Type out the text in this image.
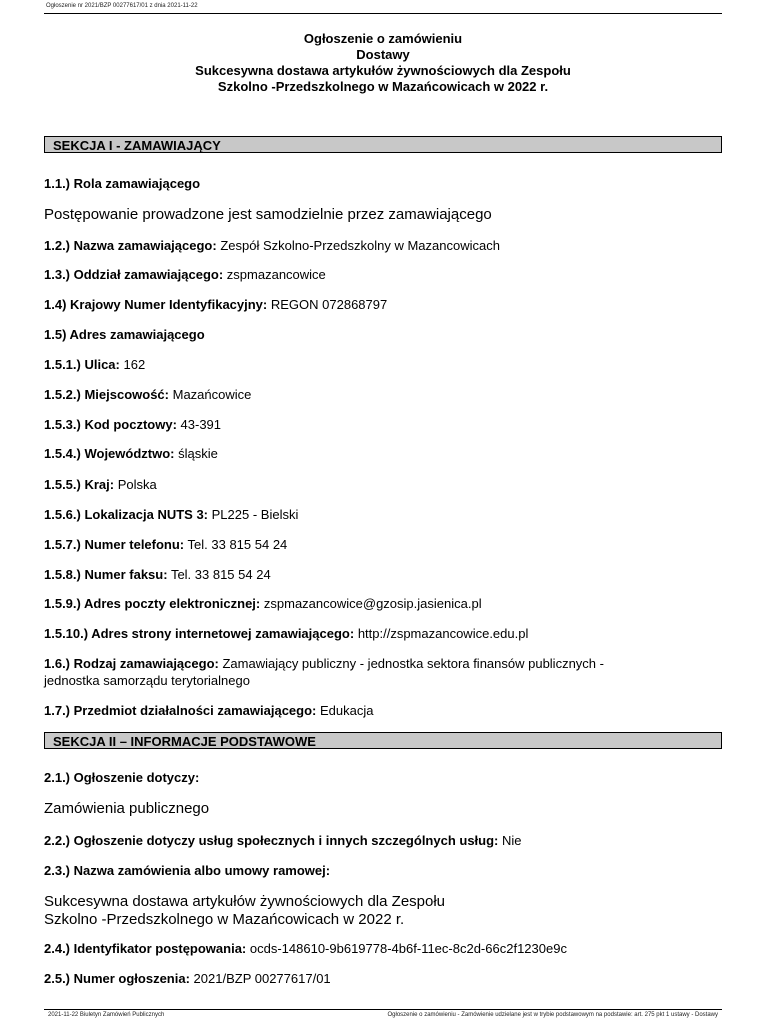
Ogłoszenie nr 2021/BZP 00277617/01 z dnia 2021-11-22
Ogłoszenie o zamówieniu
Dostawy
Sukcesywna dostawa artykułów żywnościowych dla Zespołu
Szkolno -Przedszkolnego w Mazańcowicach w 2022 r.
SEKCJA I - ZAMAWIAJĄCY
1.1.) Rola zamawiającego
Postępowanie prowadzone jest samodzielnie przez zamawiającego
1.2.) Nazwa zamawiającego: Zespół Szkolno-Przedszkolny w Mazancowicach
1.3.) Oddział zamawiającego: zspmazancowice
1.4) Krajowy Numer Identyfikacyjny: REGON 072868797
1.5) Adres zamawiającego
1.5.1.) Ulica: 162
1.5.2.) Miejscowość: Mazańcowice
1.5.3.) Kod pocztowy: 43-391
1.5.4.) Województwo: śląskie
1.5.5.) Kraj: Polska
1.5.6.) Lokalizacja NUTS 3: PL225 - Bielski
1.5.7.) Numer telefonu: Tel. 33 815 54 24
1.5.8.) Numer faksu: Tel. 33 815 54 24
1.5.9.) Adres poczty elektronicznej: zspmazancowice@gzosip.jasienica.pl
1.5.10.) Adres strony internetowej zamawiającego: http://zspmazancowice.edu.pl
1.6.) Rodzaj zamawiającego: Zamawiający publiczny - jednostka sektora finansów publicznych -
jednostka samorządu terytorialnego
1.7.) Przedmiot działalności zamawiającego: Edukacja
SEKCJA II – INFORMACJE PODSTAWOWE
2.1.) Ogłoszenie dotyczy:
Zamówienia publicznego
2.2.) Ogłoszenie dotyczy usług społecznych i innych szczególnych usług: Nie
2.3.) Nazwa zamówienia albo umowy ramowej:
Sukcesywna dostawa artykułów żywnościowych dla Zespołu
Szkolno -Przedszkolnego w Mazańcowicach w 2022 r.
2.4.) Identyfikator postępowania: ocds-148610-9b619778-4b6f-11ec-8c2d-66c2f1230e9c
2.5.) Numer ogłoszenia: 2021/BZP 00277617/01
2021-11-22 Biuletyn Zamówień Publicznych	Ogłoszenie o zamówieniu - Zamówienie udzielane jest w trybie podstawowym na podstawie: art. 275 pkt 1 ustawy - Dostawy
